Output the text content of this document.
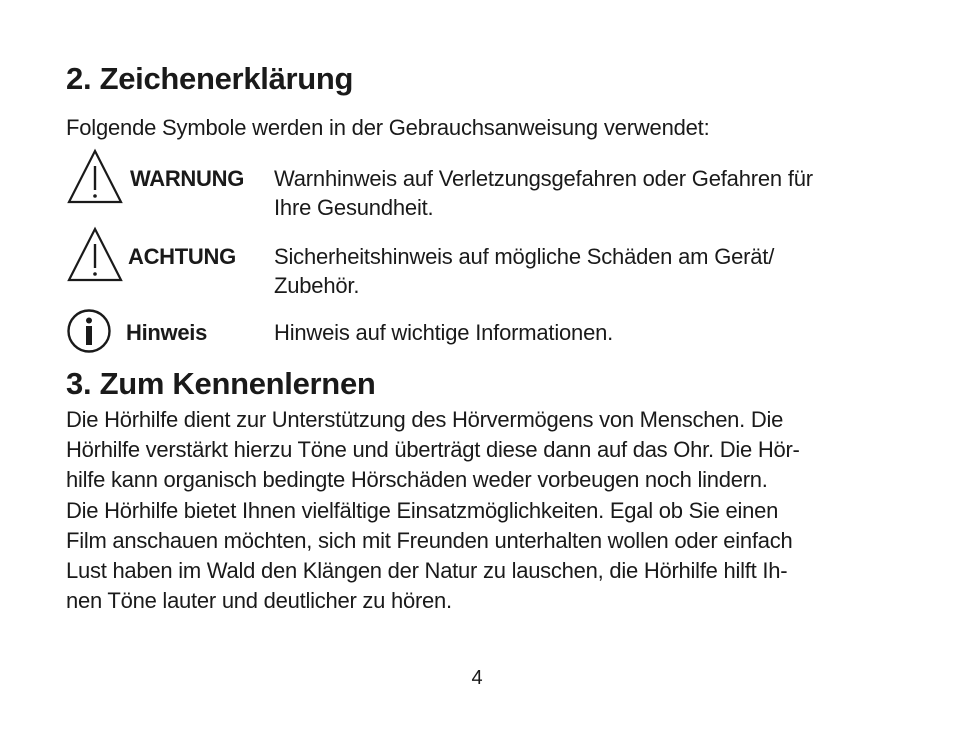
2. Zeichenerklärung

Folgende Symbole werden in der Gebrauchsanweisung verwendet:

WARNUNG Warnhinweis auf Verletzungsgefahren oder Gefahren für
Ihre Gesundheit.
ACHTUNG Sicherheitshinweis auf mögliche Schäden am Gerät/
Zubehör.
Hinweis	Hinweis auf wichtige Informationen.
3. Zum Kennenlernen

Die Hörhilfe dient zur Unterstützung des Hörvermögens von Menschen. Die
Hörhilfe verstärkt hierzu Töne und überträgt diese dann auf das Ohr. Die Hör-
hilfe kann organisch bedingte Hörschäden weder vorbeugen noch lindern.
Die Hörhilfe bietet Ihnen vielfältige Einsatzmöglichkeiten. Egal ob Sie einen
Film anschauen möchten, sich mit Freunden unterhalten wollen oder einfach
Lust haben im Wald den Klängen der Natur zu lauschen, die Hörhilfe hilft Ih-
nen Töne lauter und deutlicher zu hören.

4
